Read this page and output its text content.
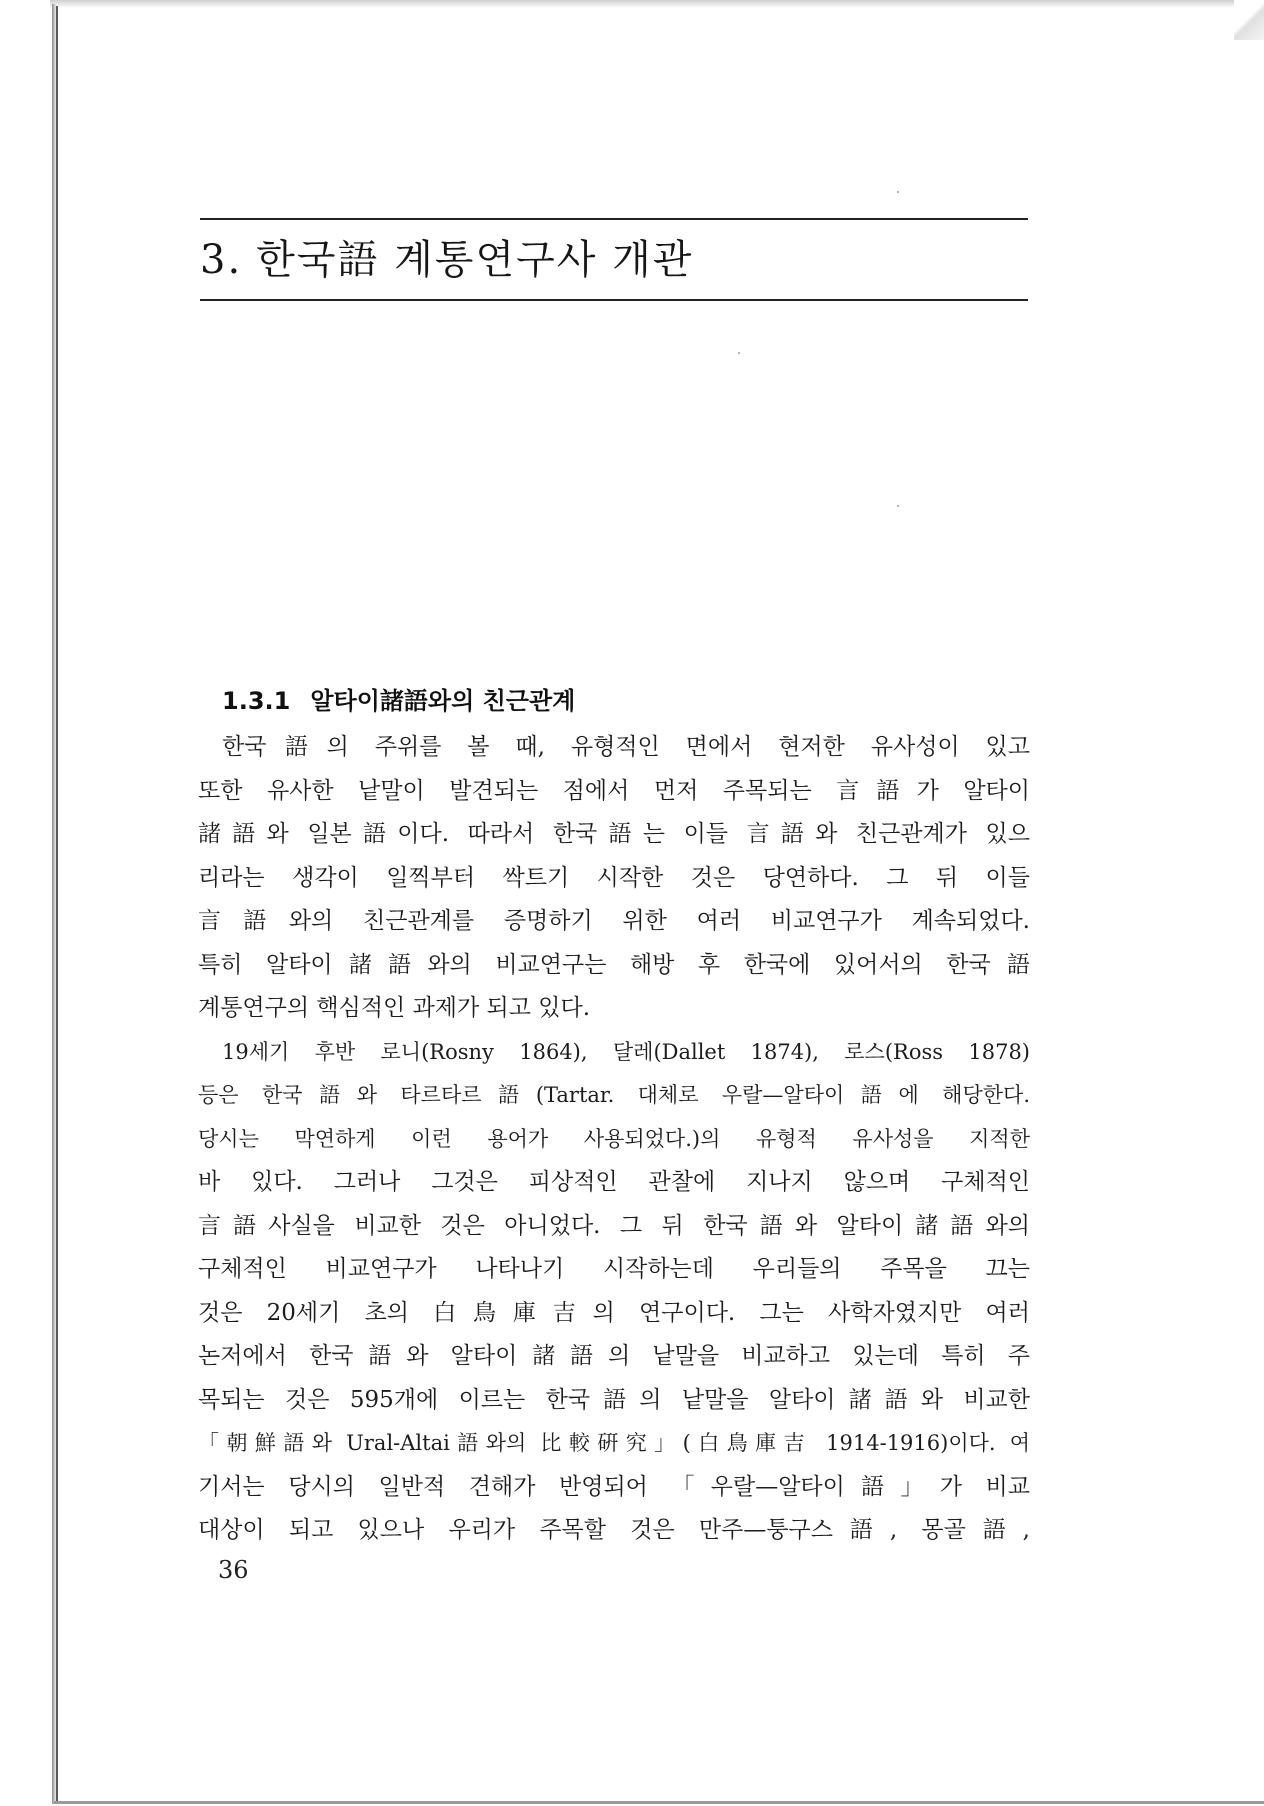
3. 한국語 계통연구사 개관
1.3.1 알타이諸語와의 친근관계
한국語의 주위를 볼 때, 유형적인 면에서 현저한 유사성이 있고
또한 유사한 낱말이 발견되는 점에서 먼저 주목되는 言語가 알타이
諸語와 일본語이다. 따라서 한국語는 이들 言語와 친근관계가 있으
리라는 생각이 일찍부터 싹트기 시작한 것은 당연하다. 그 뒤 이들
言語와의 친근관계를 증명하기 위한 여러 비교연구가 계속되었다.
특히 알타이諸語와의 비교연구는 해방 후 한국에 있어서의 한국語
계통연구의 핵심적인 과제가 되고 있다.
19세기 후반 로니(Rosny 1864), 달레(Dallet 1874), 로스(Ross 1878)
등은 한국語와 타르타르語(Tartar. 대체로 우랄—알타이語에 해당한다.
당시는 막연하게 이런 용어가 사용되었다.)의 유형적 유사성을 지적한
바 있다. 그러나 그것은 피상적인 관찰에 지나지 않으며 구체적인
言語사실을 비교한 것은 아니었다. 그 뒤 한국語와 알타이諸語와의
구체적인 비교연구가 나타나기 시작하는데 우리들의 주목을 끄는
것은 20세기 초의 白鳥庫吉의 연구이다. 그는 사학자였지만 여러
논저에서 한국語와 알타이諸語의 낱말을 비교하고 있는데 특히 주
목되는 것은 595개에 이르는 한국語의 낱말을 알타이諸語와 비교한
「朝鮮語와 Ural-Altai語와의 比較硏究」(白鳥庫吉 1914-1916)이다. 여
기서는 당시의 일반적 견해가 반영되어 「우랄—알타이語」가 비교
대상이 되고 있으나 우리가 주목할 것은 만주—퉁구스語, 몽골語,
36
